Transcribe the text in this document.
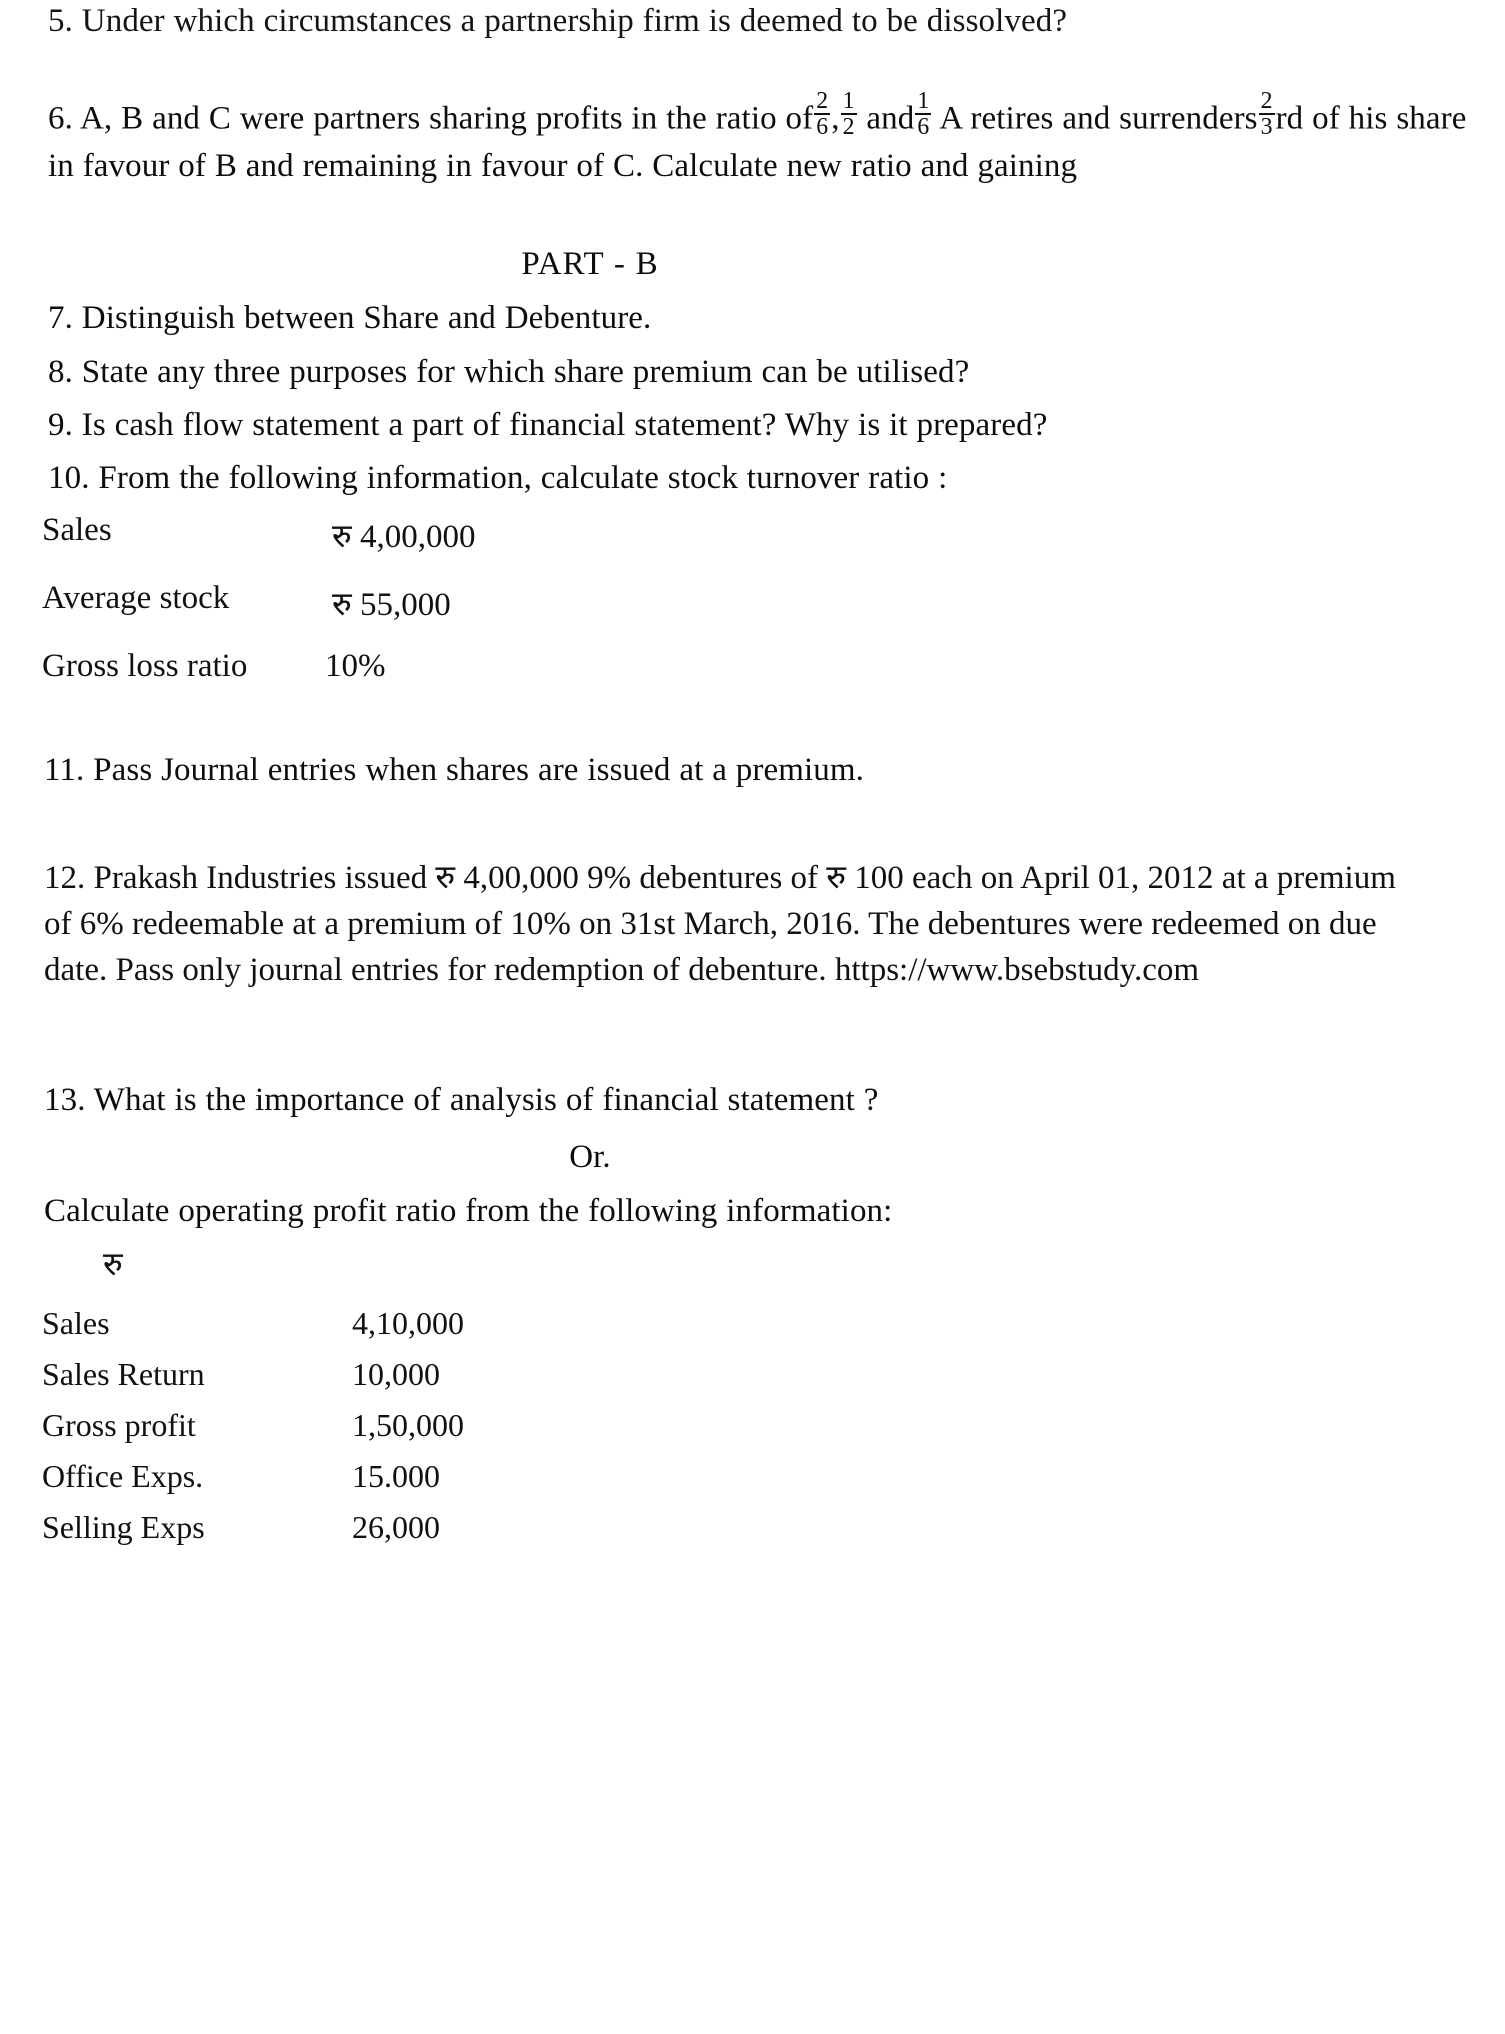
5. Under which circumstances a partnership firm is deemed to be dissolved?
6. A, B and C were partners sharing profits in the ratio of $\frac{2}{6}$ , $\frac{1}{2}$ and $\frac{1}{6}$ A retires and surrenders $\frac{2}{3}$ rd of his share in favour of B and remaining in favour of C. Calculate new ratio and gaining
PART - B
7. Distinguish between Share and Debenture.
8. State any three purposes for which share premium can be utilised?
9. Is cash flow statement a part of financial statement? Why is it prepared?
10. From the following information, calculate stock turnover ratio :
Sales	रु 4,00,000
Average stock	रु 55,000
Gross loss ratio 10%
11. Pass Journal entries when shares are issued at a premium.
12. Prakash Industries issued रु 4,00,000 9% debentures of रु 100 each on April 01, 2012 at a premium of 6% redeemable at a premium of 10% on 31st March, 2016. The debentures were redeemed on due date. Pass only journal entries for redemption of debenture. https://www.bsebstudy.com
13. What is the importance of analysis of financial statement ?
Or.
Calculate operating profit ratio from the following information:
रु
Sales	4,10,000
Sales Return	10,000
Gross profit	1,50,000
Office Exps.	15.000
Selling Exps	26,000
